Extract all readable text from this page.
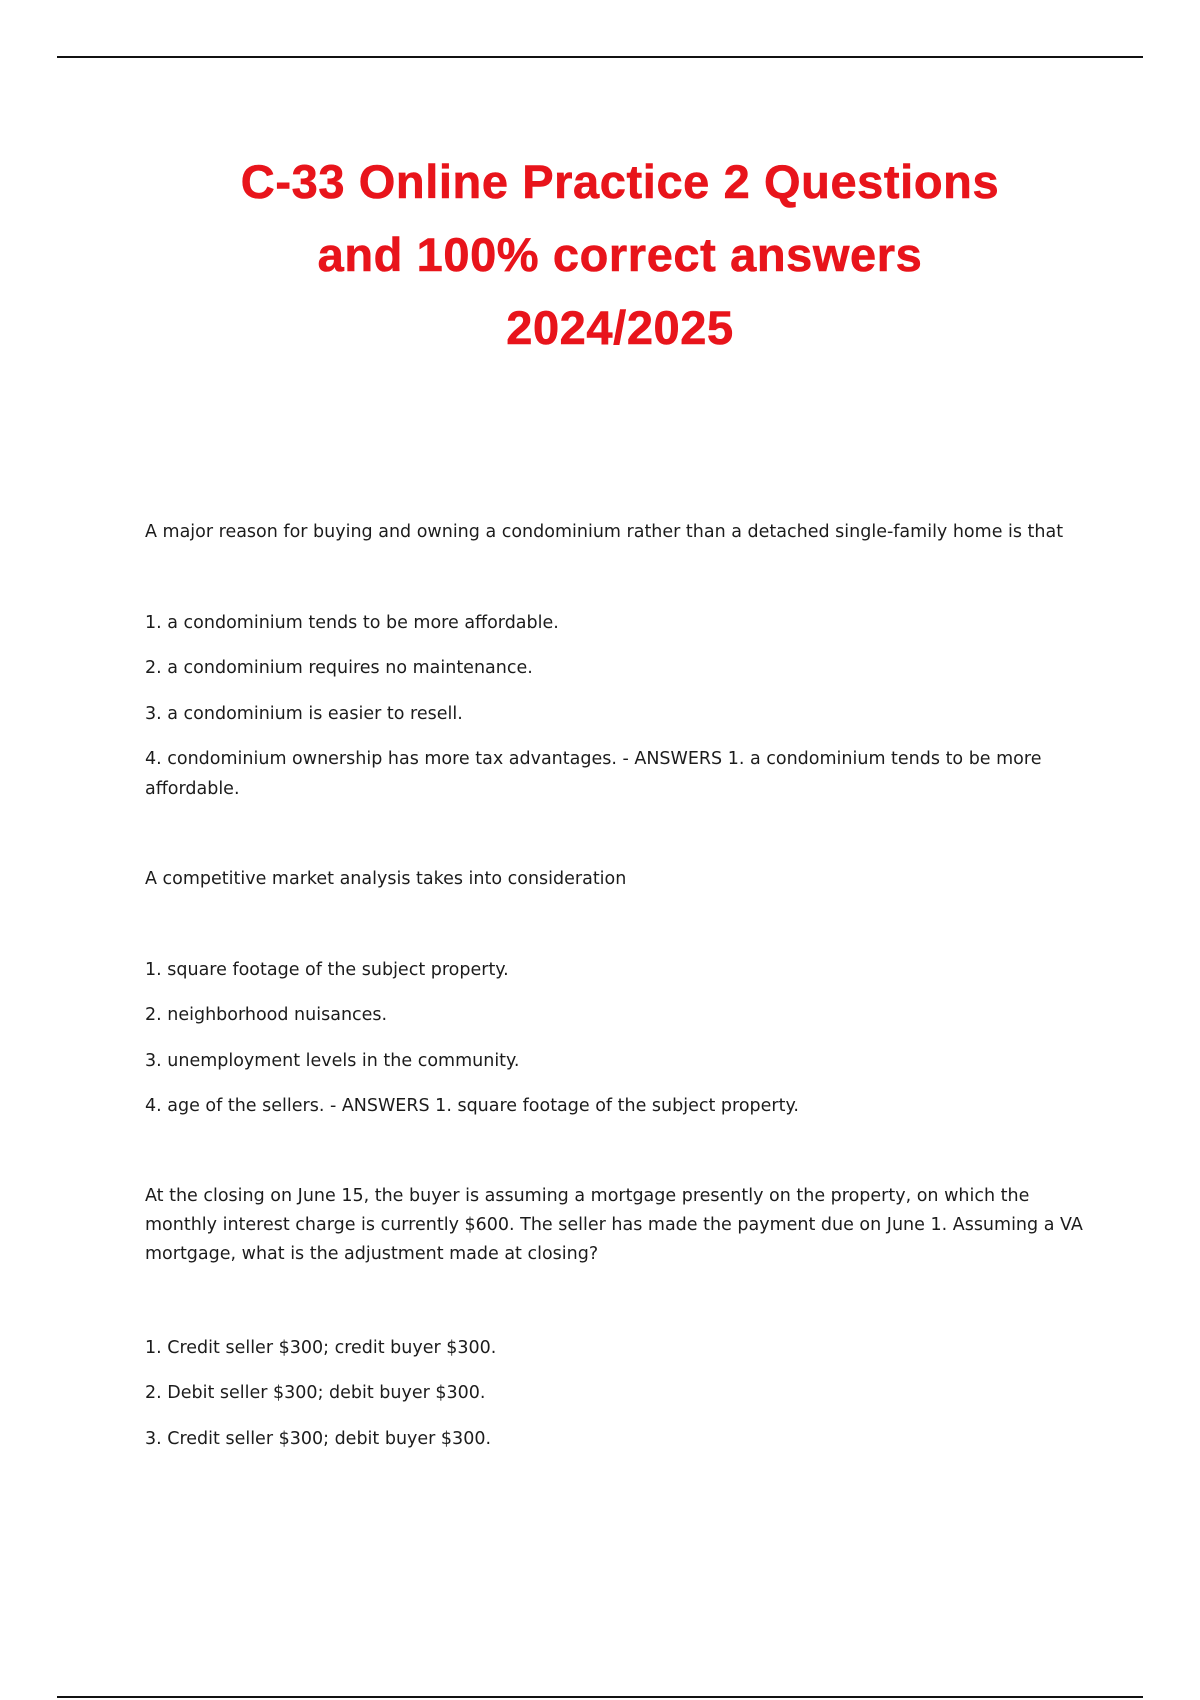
C-33 Online Practice 2 Questions
and 100% correct answers
2024/2025

A major reason for buying and owning a condominium rather than a detached single-family home is that

1. a condominium tends to be more affordable.

2. a condominium requires no maintenance.

3. a condominium is easier to resell.

4. condominium ownership has more tax advantages. - ANSWERS 1. a condominium tends to be more affordable.

A competitive market analysis takes into consideration

1. square footage of the subject property.

2. neighborhood nuisances.

3. unemployment levels in the community.

4. age of the sellers. - ANSWERS 1. square footage of the subject property.

At the closing on June 15, the buyer is assuming a mortgage presently on the property, on which the monthly interest charge is currently $600. The seller has made the payment due on June 1. Assuming a VA mortgage, what is the adjustment made at closing?

1. Credit seller $300; credit buyer $300.

2. Debit seller $300; debit buyer $300.

3. Credit seller $300; debit buyer $300.
